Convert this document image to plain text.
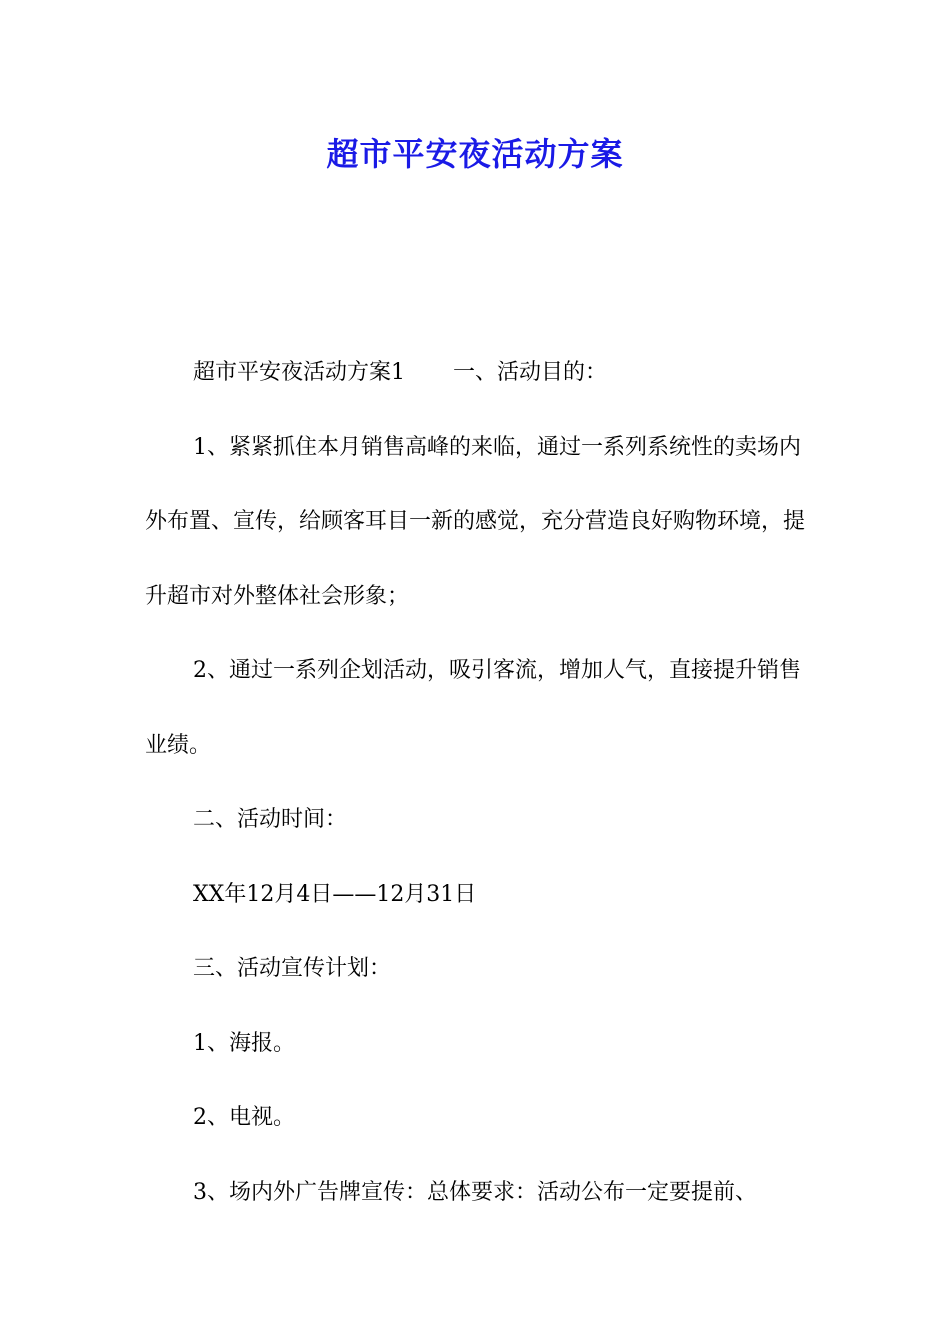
超市平安夜活动方案

超市平安夜活动方案1 一、活动目的：

1、紧紧抓住本月销售高峰的来临，通过一系列系统性的卖场内外布置、宣传，给顾客耳目一新的感觉，充分营造良好购物环境，提升超市对外整体社会形象；

2、通过一系列企划活动，吸引客流，增加人气，直接提升销售业绩。

二、活动时间：

XX年12月4日——12月31日

三、活动宣传计划：

1、海报。

2、电视。

3、场内外广告牌宣传：总体要求：活动公布一定要提前、
